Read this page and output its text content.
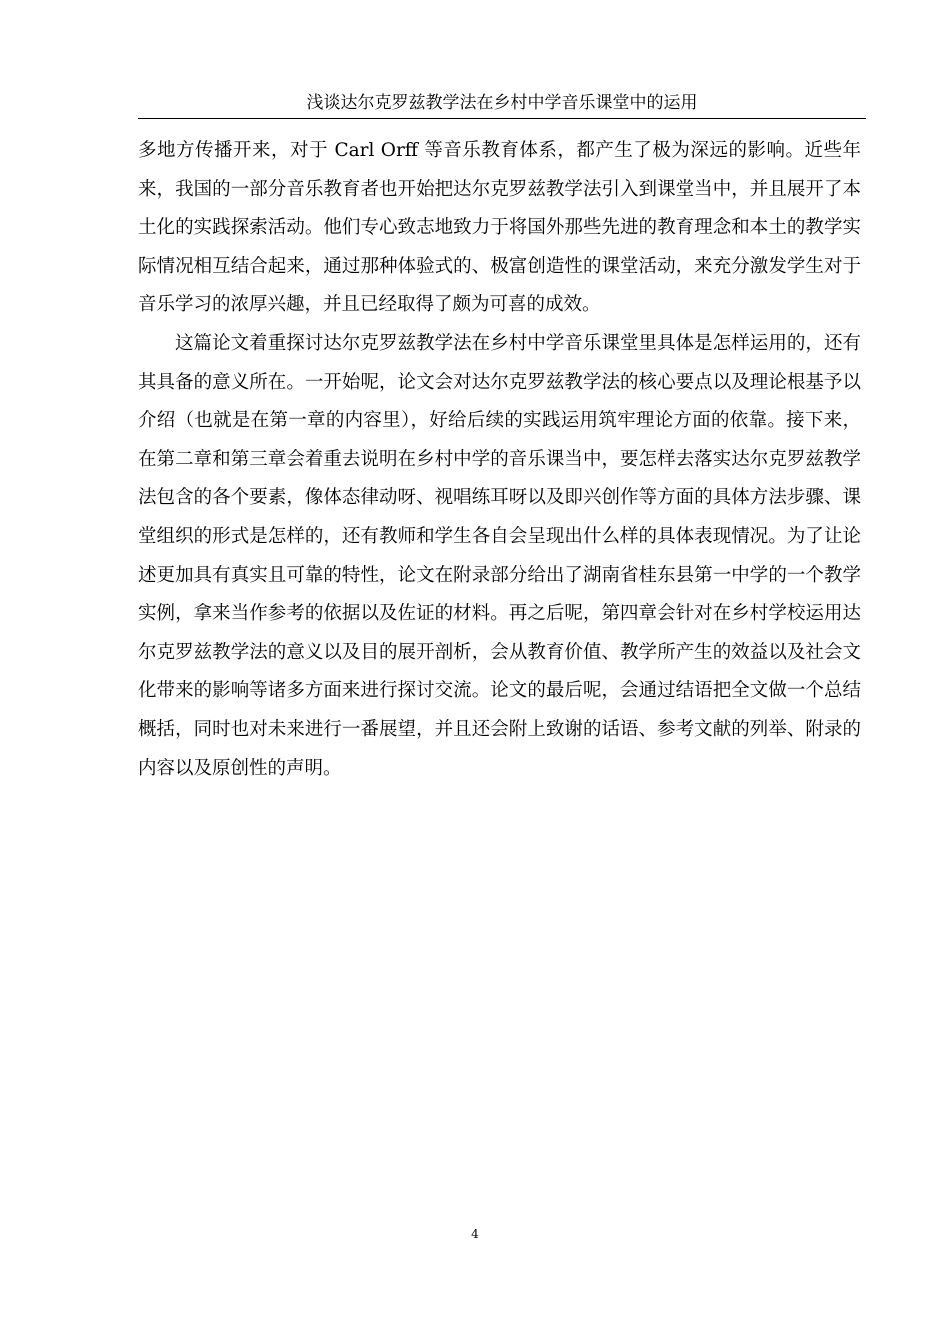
浅谈达尔克罗兹教学法在乡村中学音乐课堂中的运用

多地方传播开来，对于 Carl Orff 等音乐教育体系，都产生了极为深远的影响。近些年来，我国的一部分音乐教育者也开始把达尔克罗兹教学法引入到课堂当中，并且展开了本土化的实践探索活动。他们专心致志地致力于将国外那些先进的教育理念和本土的教学实际情况相互结合起来，通过那种体验式的、极富创造性的课堂活动，来充分激发学生对于音乐学习的浓厚兴趣，并且已经取得了颇为可喜的成效。

这篇论文着重探讨达尔克罗兹教学法在乡村中学音乐课堂里具体是怎样运用的，还有其具备的意义所在。一开始呢，论文会对达尔克罗兹教学法的核心要点以及理论根基予以介绍（也就是在第一章的内容里），好给后续的实践运用筑牢理论方面的依靠。接下来，在第二章和第三章会着重去说明在乡村中学的音乐课当中，要怎样去落实达尔克罗兹教学法包含的各个要素，像体态律动呀、视唱练耳呀以及即兴创作等方面的具体方法步骤、课堂组织的形式是怎样的，还有教师和学生各自会呈现出什么样的具体表现情况。为了让论述更加具有真实且可靠的特性，论文在附录部分给出了湖南省桂东县第一中学的一个教学实例，拿来当作参考的依据以及佐证的材料。再之后呢，第四章会针对在乡村学校运用达尔克罗兹教学法的意义以及目的展开剖析，会从教育价值、教学所产生的效益以及社会文化带来的影响等诸多方面来进行探讨交流。论文的最后呢，会通过结语把全文做一个总结概括，同时也对未来进行一番展望，并且还会附上致谢的话语、参考文献的列举、附录的内容以及原创性的声明。

4
